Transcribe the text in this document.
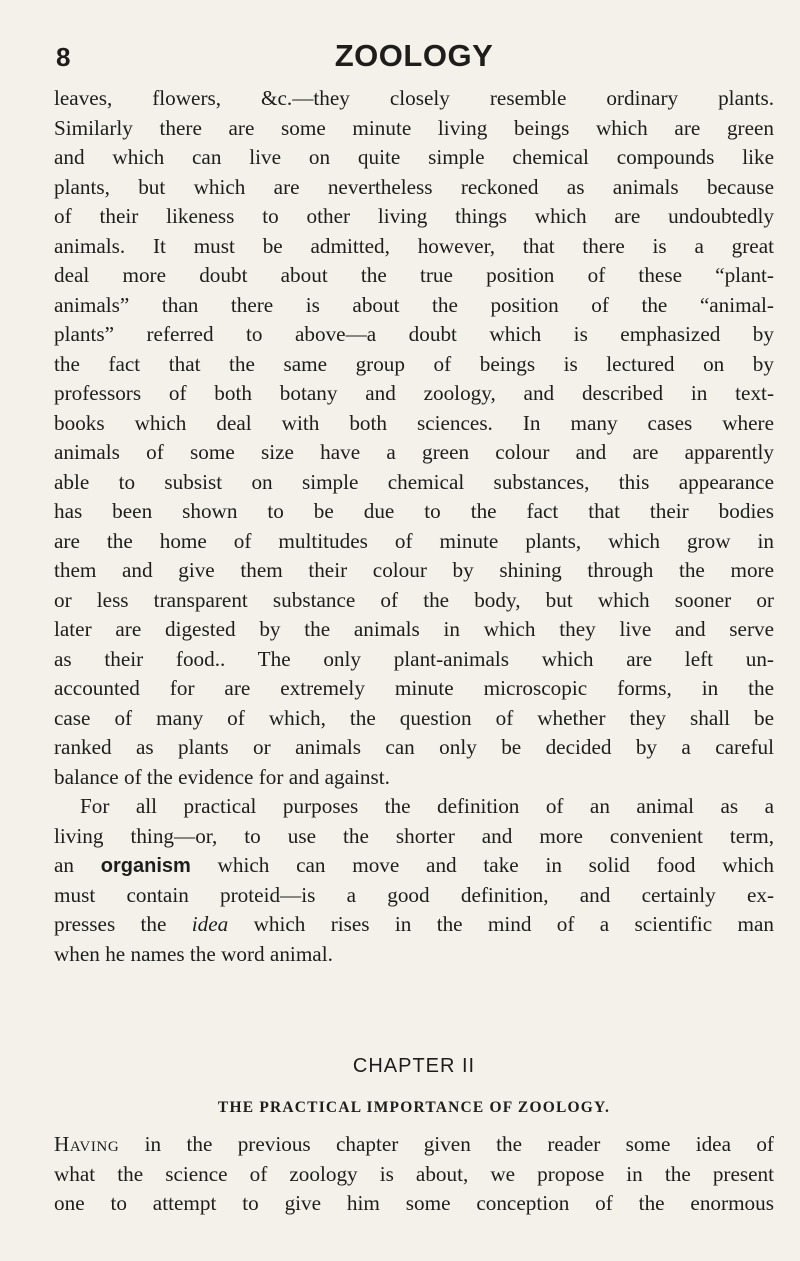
8	ZOOLOGY
leaves, flowers, &c.—they closely resemble ordinary plants.
Similarly there are some minute living beings which are green
and which can live on quite simple chemical compounds like
plants, but which are nevertheless reckoned as animals because
of their likeness to other living things which are undoubtedly
animals. It must be admitted, however, that there is a great
deal more doubt about the true position of these “plant-
animals” than there is about the position of the “animal-
plants” referred to above—a doubt which is emphasized by
the fact that the same group of beings is lectured on by
professors of both botany and zoology, and described in text-
books which deal with both sciences. In many cases where
animals of some size have a green colour and are apparently
able to subsist on simple chemical substances, this appearance
has been shown to be due to the fact that their bodies
are the home of multitudes of minute plants, which grow in
them and give them their colour by shining through the more
or less transparent substance of the body, but which sooner or
later are digested by the animals in which they live and serve
as their food.. The only plant-animals which are left un-
accounted for are extremely minute microscopic forms, in the
case of many of which, the question of whether they shall be
ranked as plants or animals can only be decided by a careful
balance of the evidence for and against.
For all practical purposes the definition of an animal as a
living thing—or, to use the shorter and more convenient term,
an organism which can move and take in solid food which
must contain proteid—is a good definition, and certainly ex-
presses the idea which rises in the mind of a scientific man
when he names the word animal.
CHAPTER II
THE PRACTICAL IMPORTANCE OF ZOOLOGY.
Having in the previous chapter given the reader some idea of
what the science of zoology is about, we propose in the present
one to attempt to give him some conception of the enormous
